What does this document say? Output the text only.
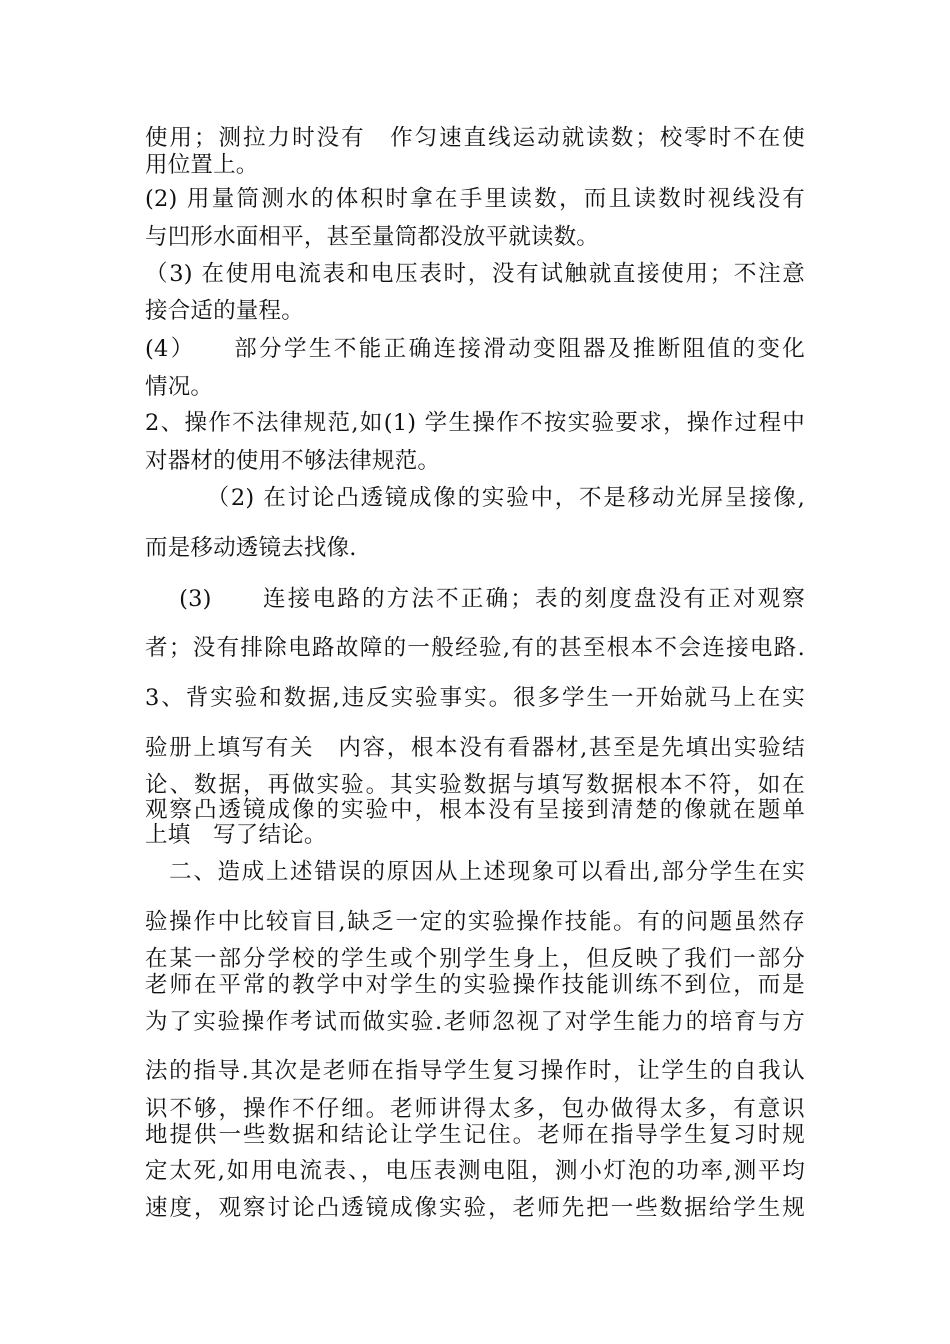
使用；测拉力时没有　作匀速直线运动就读数；校零时不在使
用位置上。
(2) 用量筒测水的体积时拿在手里读数，而且读数时视线没有
与凹形水面相平，甚至量筒都没放平就读数。
（3) 在使用电流表和电压表时，没有试触就直接使用；不注意
接合适的量程。
(4）　　部分学生不能正确连接滑动变阻器及推断阻值的变化
情况。
2、操作不法律规范,如(1) 学生操作不按实验要求，操作过程中
对器材的使用不够法律规范。
　　　（2) 在讨论凸透镜成像的实验中，不是移动光屏呈接像,
而是移动透镜去找像.
　 (3)　　连接电路的方法不正确；表的刻度盘没有正对观察
者；没有排除电路故障的一般经验,有的甚至根本不会连接电路.
3、背实验和数据,违反实验事实。很多学生一开始就马上在实
验册上填写有关　内容，根本没有看器材,甚至是先填出实验结
论、数据，再做实验。其实验数据与填写数据根本不符，如在
观察凸透镜成像的实验中，根本没有呈接到清楚的像就在题单
上填　写了结论。
　二、造成上述错误的原因从上述现象可以看出,部分学生在实
验操作中比较盲目,缺乏一定的实验操作技能。有的问题虽然存
在某一部分学校的学生或个别学生身上，但反映了我们一部分
老师在平常的教学中对学生的实验操作技能训练不到位，而是
为了实验操作考试而做实验.老师忽视了对学生能力的培育与方
法的指导.其次是老师在指导学生复习操作时，让学生的自我认
识不够，操作不仔细。老师讲得太多，包办做得太多，有意识
地提供一些数据和结论让学生记住。老师在指导学生复习时规
定太死,如用电流表、，电压表测电阻，测小灯泡的功率,测平均
速度，观察讨论凸透镜成像实验，老师先把一些数据给学生规
